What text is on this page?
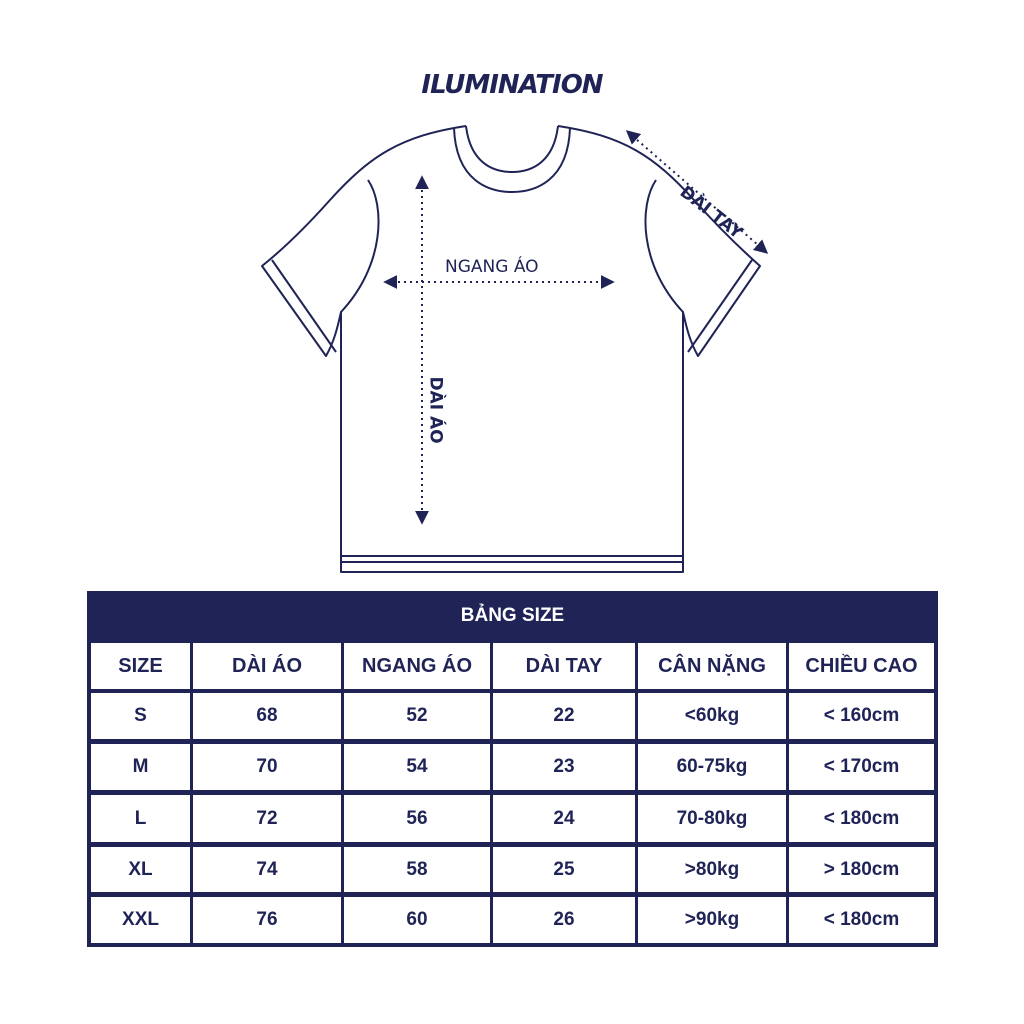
ILUMINATION
NGANG ÁO
DÀI ÁO
DÀI TAY
BẢNG SIZE
SIZE	DÀI ÁO	NGANG ÁO	DÀI TAY	CÂN NẶNG	CHIỀU CAO
S	68	52	22	<60kg	< 160cm
M	70	54	23	60-75kg	< 170cm
L	72	56	24	70-80kg	< 180cm
XL	74	58	25	>80kg	> 180cm
XXL	76	60	26	>90kg	< 180cm
